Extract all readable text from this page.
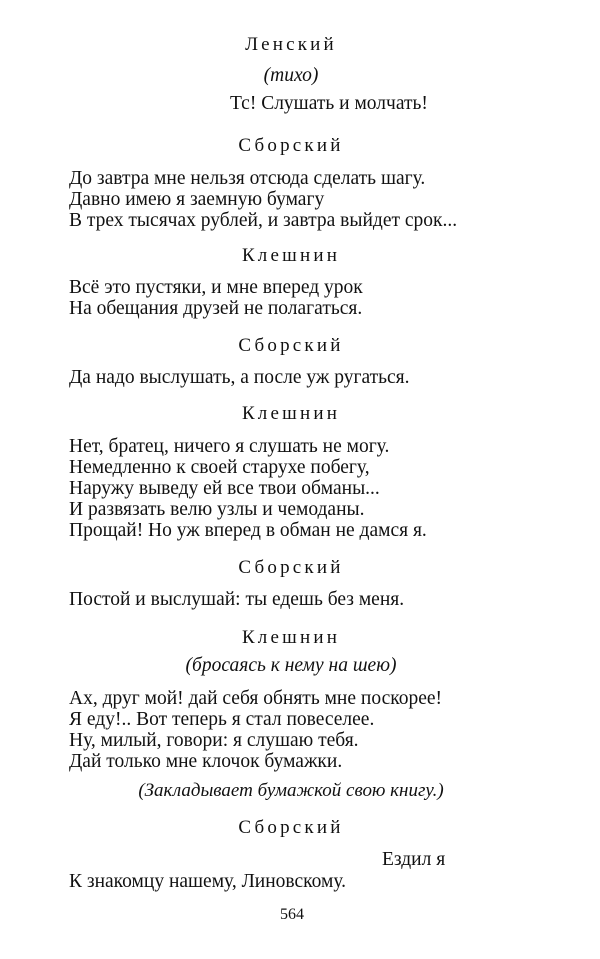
Ленский
(тихо)
Тс! Слушать и молчать!
Сборский
До завтра мне нельзя отсюда сделать шагу.
Давно имею я заемную бумагу
В трех тысячах рублей, и завтра выйдет срок...
Клешнин
Всё это пустяки, и мне вперед урок
На обещания друзей не полагаться.
Сборский
Да надо выслушать, а после уж ругаться.
Клешнин
Нет, братец, ничего я слушать не могу.
Немедленно к своей старухе побегу,
Наружу выведу ей все твои обманы...
И развязать велю узлы и чемоданы.
Прощай! Но уж вперед в обман не дамся я.
Сборский
Постой и выслушай: ты едешь без меня.
Клешнин
(бросаясь к нему на шею)
Ах, друг мой! дай себя обнять мне поскорее!
Я еду!.. Вот теперь я стал повеселее.
Ну, милый, говори: я слушаю тебя.
Дай только мне клочок бумажки.
(Закладывает бумажкой свою книгу.)
Сборский
Ездил я
К знакомцу нашему, Линовскому.
564
